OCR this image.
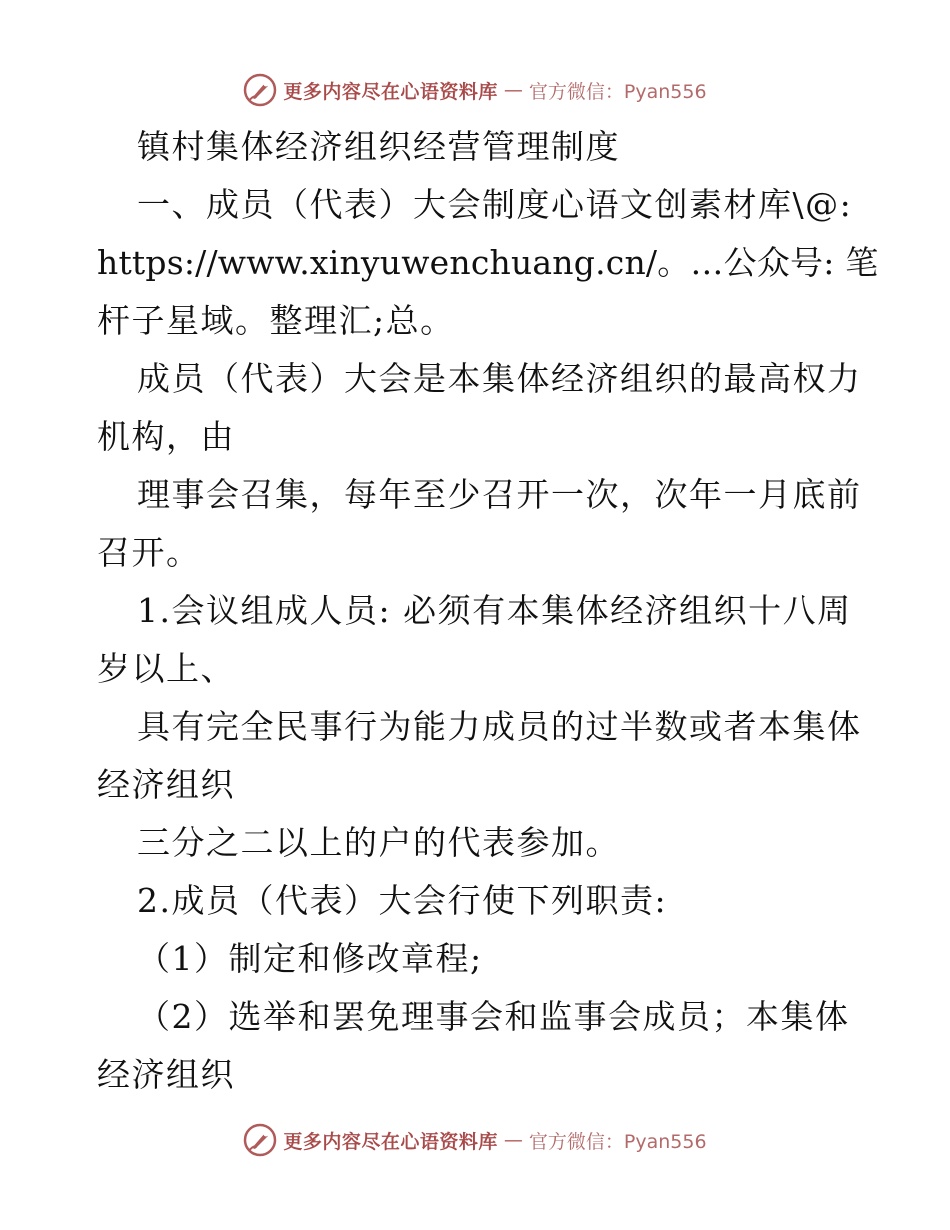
更多内容尽在心语资料库 — 官方微信：Pyan556
镇村集体经济组织经营管理制度
一、成员（代表）大会制度心语文创素材库\@:
https://www.xinyuwenchuang.cn/。…公众号: 笔
杆子星域。整理汇;总。
成员（代表）大会是本集体经济组织的最高权力
机构，由
理事会召集，每年至少召开一次，次年一月底前
召开。
1.会议组成人员: 必须有本集体经济组织十八周
岁以上、
具有完全民事行为能力成员的过半数或者本集体
经济组织
三分之二以上的户的代表参加。
2.成员（代表）大会行使下列职责:
（1）制定和修改章程;
（2）选举和罢免理事会和监事会成员；本集体
经济组织
更多内容尽在心语资料库 — 官方微信：Pyan556
